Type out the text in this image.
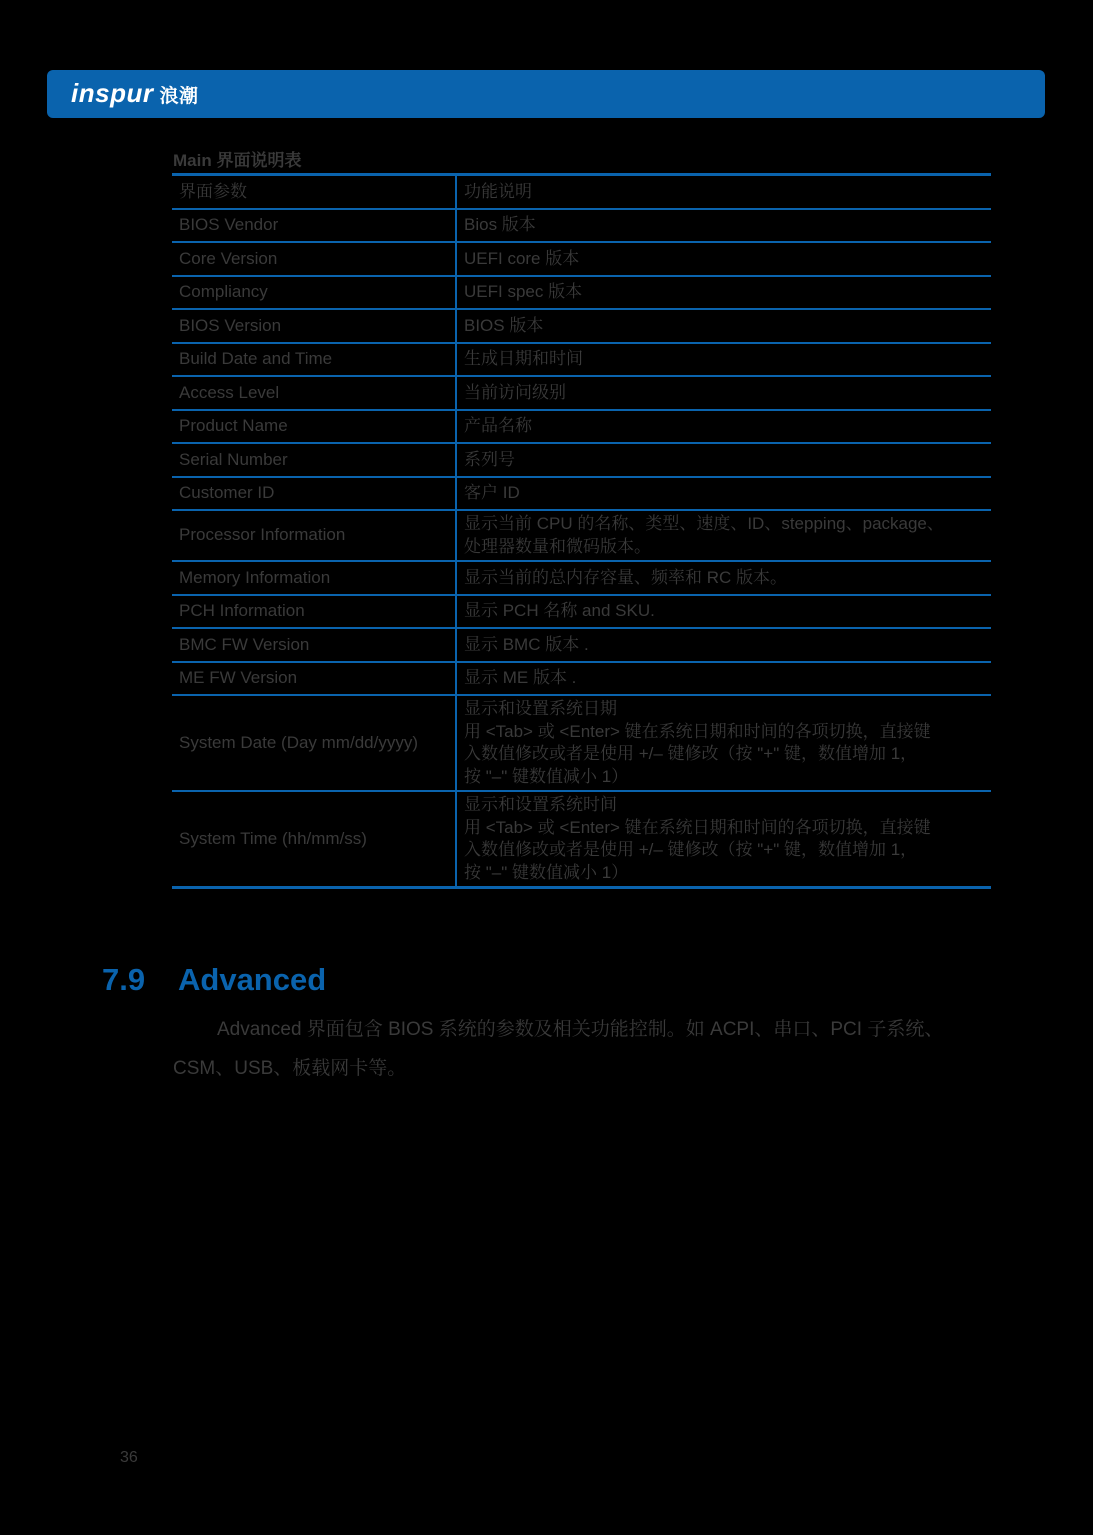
inspur 浪潮
Main 界面说明表
界面参数	功能说明
BIOS Vendor	Bios 版本

Core Version	UEFI core 版本

Compliancy	UEFI spec 版本

BIOS Version	BIOS 版本

Build Date and Time	生成日期和时间

Access Level	当前访问级别

Product Name	产品名称

Serial Number	系列号

Customer ID	客户 ID

Processor Information	显示当前 CPU 的名称、类型、速度、ID、stepping、package、
处理器数量和微码版本。

Memory Information	显示当前的总内存容量、频率和 RC 版本。

PCH Information	显示 PCH 名称 and SKU.

BMC FW Version	显示 BMC 版本 .

ME FW Version	显示 ME 版本 .

System Date (Day mm/dd/yyyy)	显示和设置系统日期
用 <Tab> 或 <Enter> 键在系统日期和时间的各项切换，直接键
入数值修改或者是使用 +/– 键修改（按 "+" 键，数值增加 1，
按 "–" 键数值减小 1）

System Time (hh/mm/ss)	显示和设置系统时间
用 <Tab> 或 <Enter> 键在系统日期和时间的各项切换，直接键
入数值修改或者是使用 +/– 键修改（按 "+" 键，数值增加 1，
按 "–" 键数值减小 1）
7.9 Advanced
Advanced 界面包含 BIOS 系统的参数及相关功能控制。如 ACPI、串口、PCI 子系统、CSM、USB、板载网卡等。
36
